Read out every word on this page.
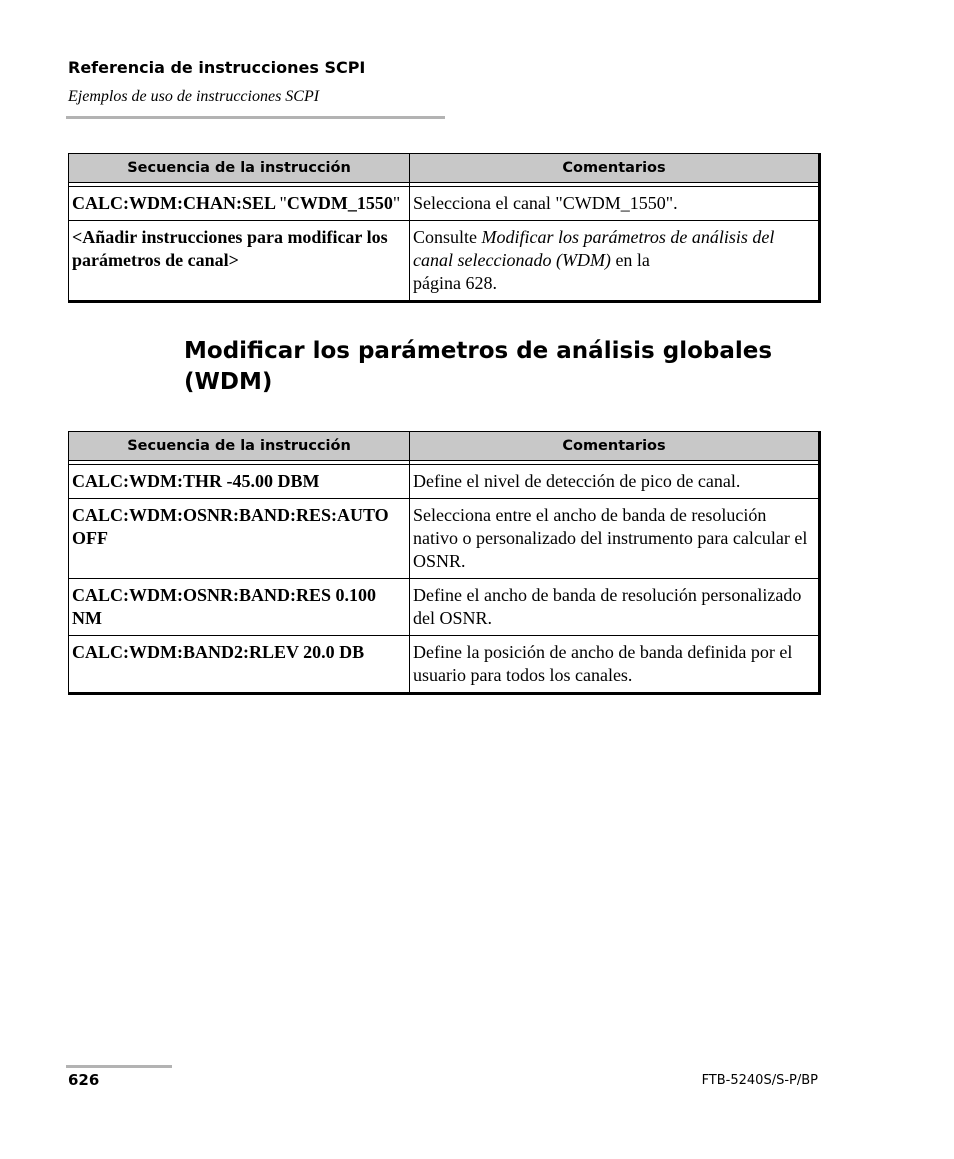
Referencia de instrucciones SCPI
Ejemplos de uso de instrucciones SCPI
Secuencia de la instrucción	Comentarios

CALC:WDM:CHAN:SEL "CWDM_1550"	Selecciona el canal "CWDM_1550".
<Añadir instrucciones para modificar los parámetros de canal>	Consulte Modificar los parámetros de análisis del canal seleccionado (WDM) en la
página 628.
Modificar los parámetros de análisis globales (WDM)
Secuencia de la instrucción	Comentarios

CALC:WDM:THR -45.00 DBM	Define el nivel de detección de pico de canal.
CALC:WDM:OSNR:BAND:RES:AUTO OFF	Selecciona entre el ancho de banda de resolución nativo o personalizado del instrumento para calcular el OSNR.
CALC:WDM:OSNR:BAND:RES 0.100 NM	Define el ancho de banda de resolución personalizado del OSNR.
CALC:WDM:BAND2:RLEV 20.0 DB	Define la posición de ancho de banda definida por el usuario para todos los canales.
626	FTB-5240S/S-P/BP
